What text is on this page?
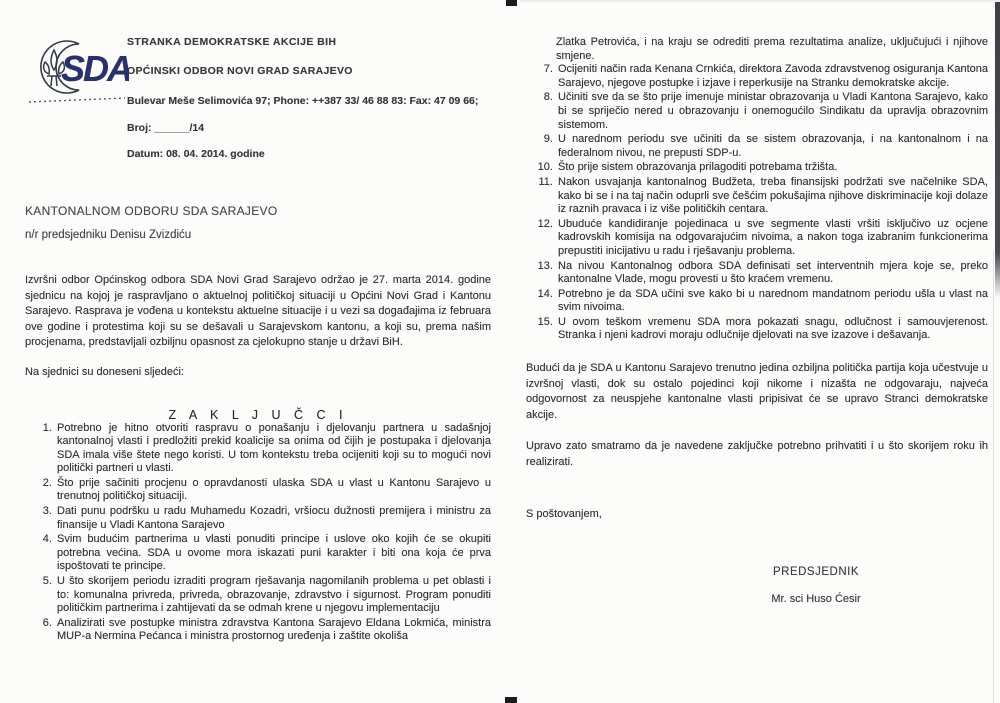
SDA
STRANKA DEMOKRATSKE AKCIJE BIH
OPĆINSKI ODBOR NOVI GRAD SARAJEVO
Bulevar Meše Selimovića 97; Phone: ++387 33/ 46 88 83: Fax: 47 09 66;
Broj: ______/14
Datum: 08. 04. 2014. godine
KANTONALNOM ODBORU SDA SARAJEVO
n/r predsjedniku Denisu Zvizdiću
Izvršni odbor Općinskog odbora SDA Novi Grad Sarajevo održao je 27. marta 2014. godine sjednicu na kojoj je raspravljano o aktuelnoj političkoj situaciji u Općini Novi Grad i Kantonu Sarajevo. Rasprava je vođena u kontekstu aktuelne situacije i u vezi sa događajima iz februara ove godine i protestima koji su se dešavali u Sarajevskom kantonu, a koji su, prema našim procjenama, predstavljali ozbiljnu opasnost za cjelokupno stanje u državi BiH.
Na sjednici su doneseni sljedeći:
Z A K L J U Č C I
1. Potrebno je hitno otvoriti raspravu o ponašanju i djelovanju partnera u sadašnjoj kantonalnoj vlasti i predložiti prekid koalicije sa onima od čijih je postupaka i djelovanja SDA imala više štete nego koristi. U tom kontekstu treba ocijeniti koji su to mogući novi politički partneri u vlasti.
2. Što prije sačiniti procjenu o opravdanosti ulaska SDA u vlast u Kantonu Sarajevo u trenutnoj političkoj situaciji.
3. Dati punu podršku u radu Muhamedu Kozadri, vršiocu dužnosti premijera i ministru za finansije u Vladi Kantona Sarajevo
4. Svim budućim partnerima u vlasti ponuditi principe i uslove oko kojih će se okupiti potrebna većina. SDA u ovome mora iskazati puni karakter i biti ona koja će prva ispoštovati te principe.
5. U što skorijem periodu izraditi program rješavanja nagomilanih problema u pet oblasti i to: komunalna privreda, privreda, obrazovanje, zdravstvo i sigurnost. Program ponuditi političkim partnerima i zahtijevati da se odmah krene u njegovu implementaciju
6. Analizirati sve postupke ministra zdravstva Kantona Sarajevo Eldana Lokmića, ministra MUP-a Nermina Pećanca i ministra prostornog uređenja i zaštite okoliša
Zlatka Petrovića, i na kraju se odrediti prema rezultatima analize, uključujući i njihove smjene.
7. Ocijeniti način rada Kenana Crnkića, direktora Zavoda zdravstvenog osiguranja Kantona Sarajevo, njegove postupke i izjave i reperkusije na Stranku demokratske akcije.
8. Učiniti sve da se što prije imenuje ministar obrazovanja u Vladi Kantona Sarajevo, kako bi se spriječio nered u obrazovanju i onemogućilo Sindikatu da upravlja obrazovnim sistemom.
9. U narednom periodu sve učiniti da se sistem obrazovanja, i na kantonalnom i na federalnom nivou, ne prepusti SDP-u.
10. Što prije sistem obrazovanja prilagoditi potrebama tržišta.
11. Nakon usvajanja kantonalnog Budžeta, treba finansijski podržati sve načelnike SDA, kako bi se i na taj način oduprli sve češćim pokušajima njihove diskriminacije koji dolaze iz raznih pravaca i iz više političkih centara.
12. Ubuduće kandidiranje pojedinaca u sve segmente vlasti vršiti isključivo uz ocjene kadrovskih komisija na odgovarajućim nivoima, a nakon toga izabranim funkcionerima prepustiti inicijativu u radu i rješavanju problema.
13. Na nivou Kantonalnog odbora SDA definisati set interventnih mjera koje se, preko kantonalne Vlade, mogu provesti u što kraćem vremenu.
14. Potrebno je da SDA učini sve kako bi u narednom mandatnom periodu ušla u vlast na svim nivoima.
15. U ovom teškom vremenu SDA mora pokazati snagu, odlučnost i samouvjerenost. Stranka i njeni kadrovi moraju odlučnije djelovati na sve izazove i dešavanja.
Budući da je SDA u Kantonu Sarajevo trenutno jedina ozbiljna politička partija koja učestvuje u izvršnoj vlasti, dok su ostalo pojedinci koji nikome i nizašta ne odgovaraju, najveća odgovornost za neuspjehe kantonalne vlasti pripisivat će se upravo Stranci demokratske akcije.
Upravo zato smatramo da je navedene zaključke potrebno prihvatiti i u što skorijem roku ih realizirati.
S poštovanjem,
PREDSJEDNIK
Mr. sci Huso Ćesir
